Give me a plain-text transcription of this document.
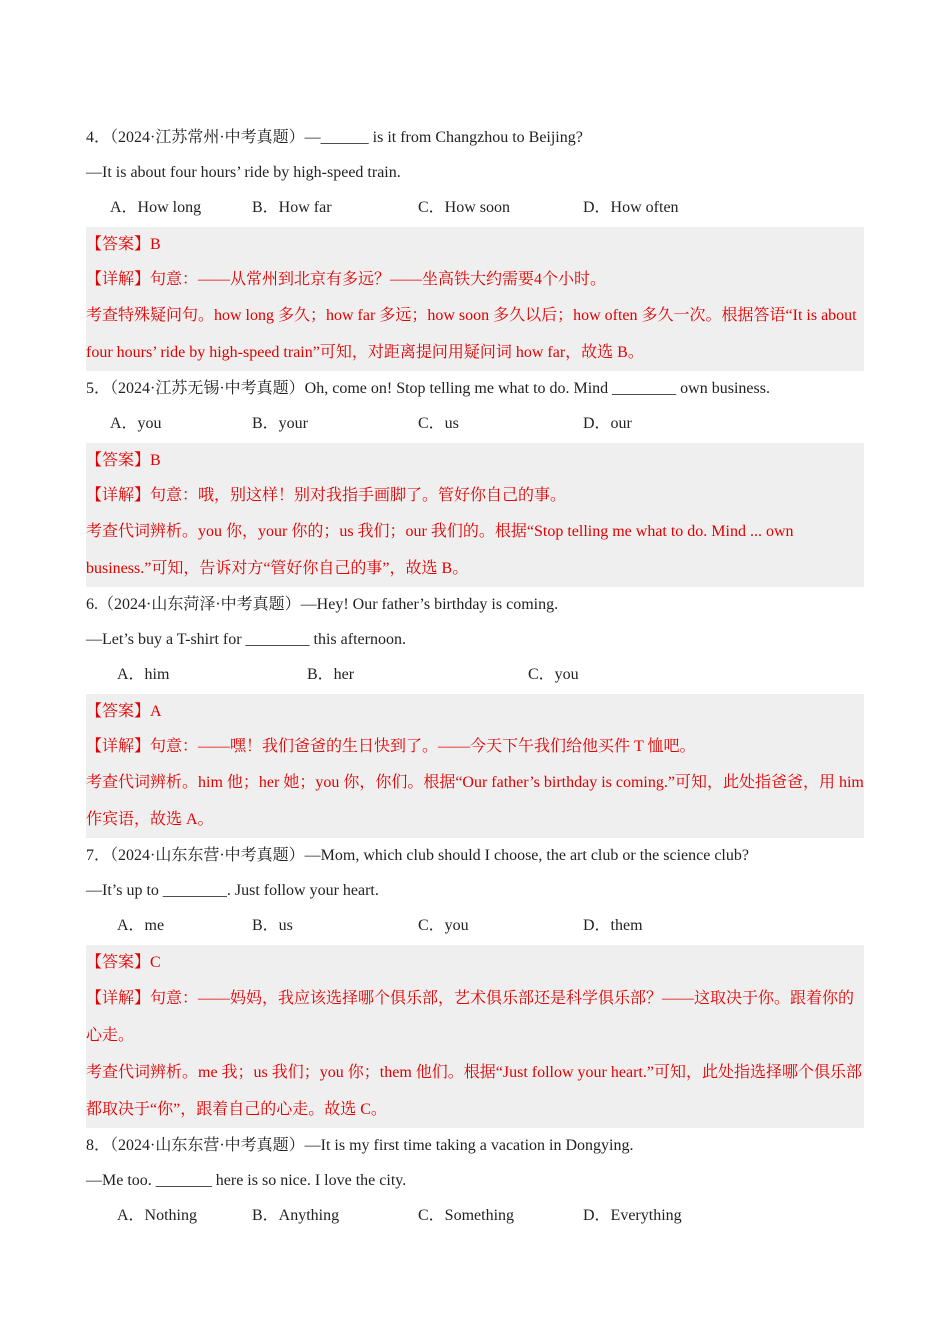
4．（2024·江苏常州·中考真题）—______ is it from Changzhou to Beijing?
—It is about four hours’ ride by high-speed train.
A．How long	B．How far	C．How soon	D．How often
【答案】B
【详解】句意：——从常州到北京有多远？——坐高铁大约需要4个小时。
考查特殊疑问句。how long 多久；how far 多远；how soon 多久以后；how often 多久一次。根据答语“It is about four hours’ ride by high-speed train”可知，对距离提问用疑问词 how far，故选 B。
5．（2024·江苏无锡·中考真题）Oh, come on! Stop telling me what to do. Mind ________ own business.
A．you	B．your	C．us	D．our
【答案】B
【详解】句意：哦，别这样！别对我指手画脚了。管好你自己的事。
考查代词辨析。you 你，your 你的；us 我们；our 我们的。根据“Stop telling me what to do. Mind ... own business.”可知，告诉对方“管好你自己的事”，故选 B。
6.（2024·山东菏泽·中考真题）—Hey! Our father’s birthday is coming.
—Let’s buy a T-shirt for ________ this afternoon.
A．him	B．her	C．you
【答案】A
【详解】句意：——嘿！我们爸爸的生日快到了。——今天下午我们给他买件 T 恤吧。
考查代词辨析。him 他；her 她；you 你，你们。根据“Our father’s birthday is coming.”可知，此处指爸爸，用 him 作宾语，故选 A。
7．（2024·山东东营·中考真题）—Mom, which club should I choose, the art club or the science club?
—It’s up to ________. Just follow your heart.
A．me	B．us	C．you	D．them
【答案】C
【详解】句意：——妈妈，我应该选择哪个俱乐部，艺术俱乐部还是科学俱乐部？——这取决于你。跟着你的心走。
考查代词辨析。me 我；us 我们；you 你；them 他们。根据“Just follow your heart.”可知，此处指选择哪个俱乐部都取决于“你”，跟着自己的心走。故选 C。
8．（2024·山东东营·中考真题）—It is my first time taking a vacation in Dongying.
—Me too. _______ here is so nice. I love the city.
A．Nothing	B．Anything	C．Something	D．Everything
